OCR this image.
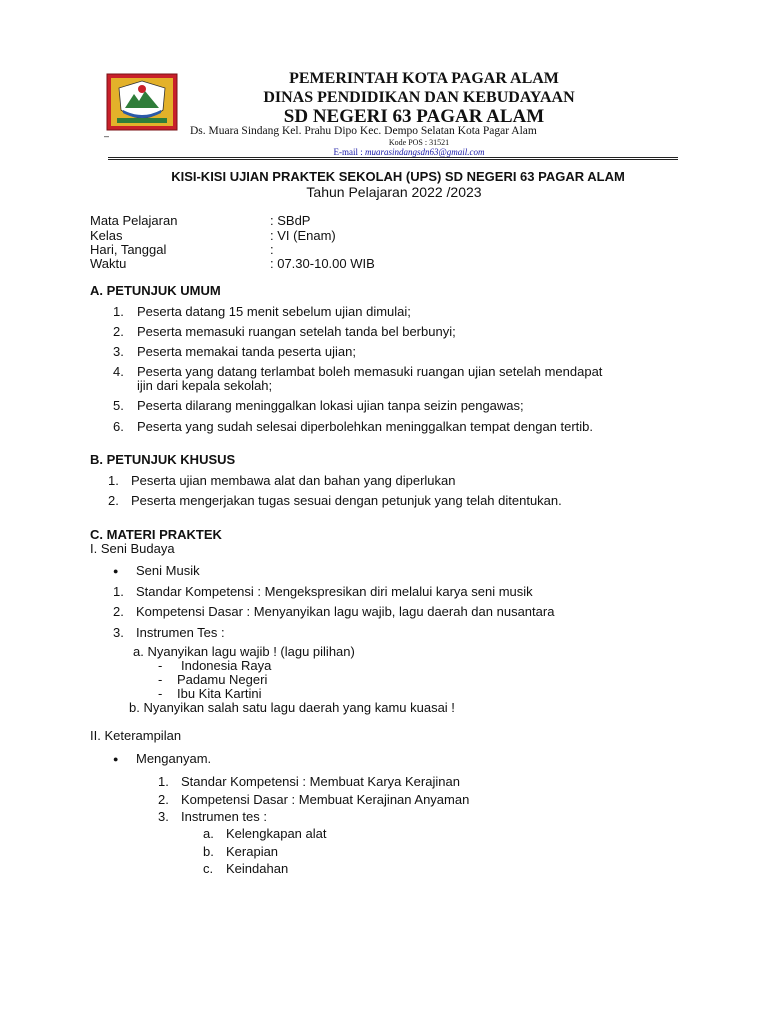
–
PEMERINTAH KOTA PAGAR ALAM
DINAS PENDIDIKAN DAN KEBUDAYAAN
SD NEGERI 63 PAGAR ALAM
Ds. Muara Sindang Kel. Prahu Dipo Kec. Dempo Selatan Kota Pagar Alam
Kode POS : 31521
E-mail : muarasindangsdn63@gmail.com
KISI-KISI UJIAN PRAKTEK SEKOLAH (UPS) SD NEGERI 63 PAGAR ALAM
Tahun Pelajaran 2022 /2023
Mata Pelajaran	: SBdP
Kelas	: VI (Enam)
Hari, Tanggal	:
Waktu	: 07.30-10.00 WIB
A. PETUNJUK UMUM
1. Peserta datang 15 menit sebelum ujian dimulai;
2. Peserta memasuki ruangan setelah tanda bel berbunyi;
3. Peserta memakai tanda peserta ujian;
4. Peserta yang datang terlambat boleh memasuki ruangan ujian setelah mendapat
ijin dari kepala sekolah;
5. Peserta dilarang meninggalkan lokasi ujian tanpa seizin pengawas;
6. Peserta yang sudah selesai diperbolehkan meninggalkan tempat dengan tertib.
B. PETUNJUK KHUSUS
1. Peserta ujian membawa alat dan bahan yang diperlukan
2. Peserta mengerjakan tugas sesuai dengan petunjuk yang telah ditentukan.
C. MATERI PRAKTEK
I. Seni Budaya
● Seni Musik
1. Standar Kompetensi : Mengekspresikan diri melalui karya seni musik
2. Kompetensi Dasar : Menyanyikan lagu wajib, lagu daerah dan nusantara
3. Instrumen Tes :
a. Nyanyikan lagu wajib ! (lagu pilihan)
- Indonesia Raya
- Padamu Negeri
- Ibu Kita Kartini
b. Nyanyikan salah satu lagu daerah yang kamu kuasai !
II. Keterampilan
● Menganyam.
1. Standar Kompetensi : Membuat Karya Kerajinan
2. Kompetensi Dasar : Membuat Kerajinan Anyaman
3. Instrumen tes :
a. Kelengkapan alat
b. Kerapian
c. Keindahan
